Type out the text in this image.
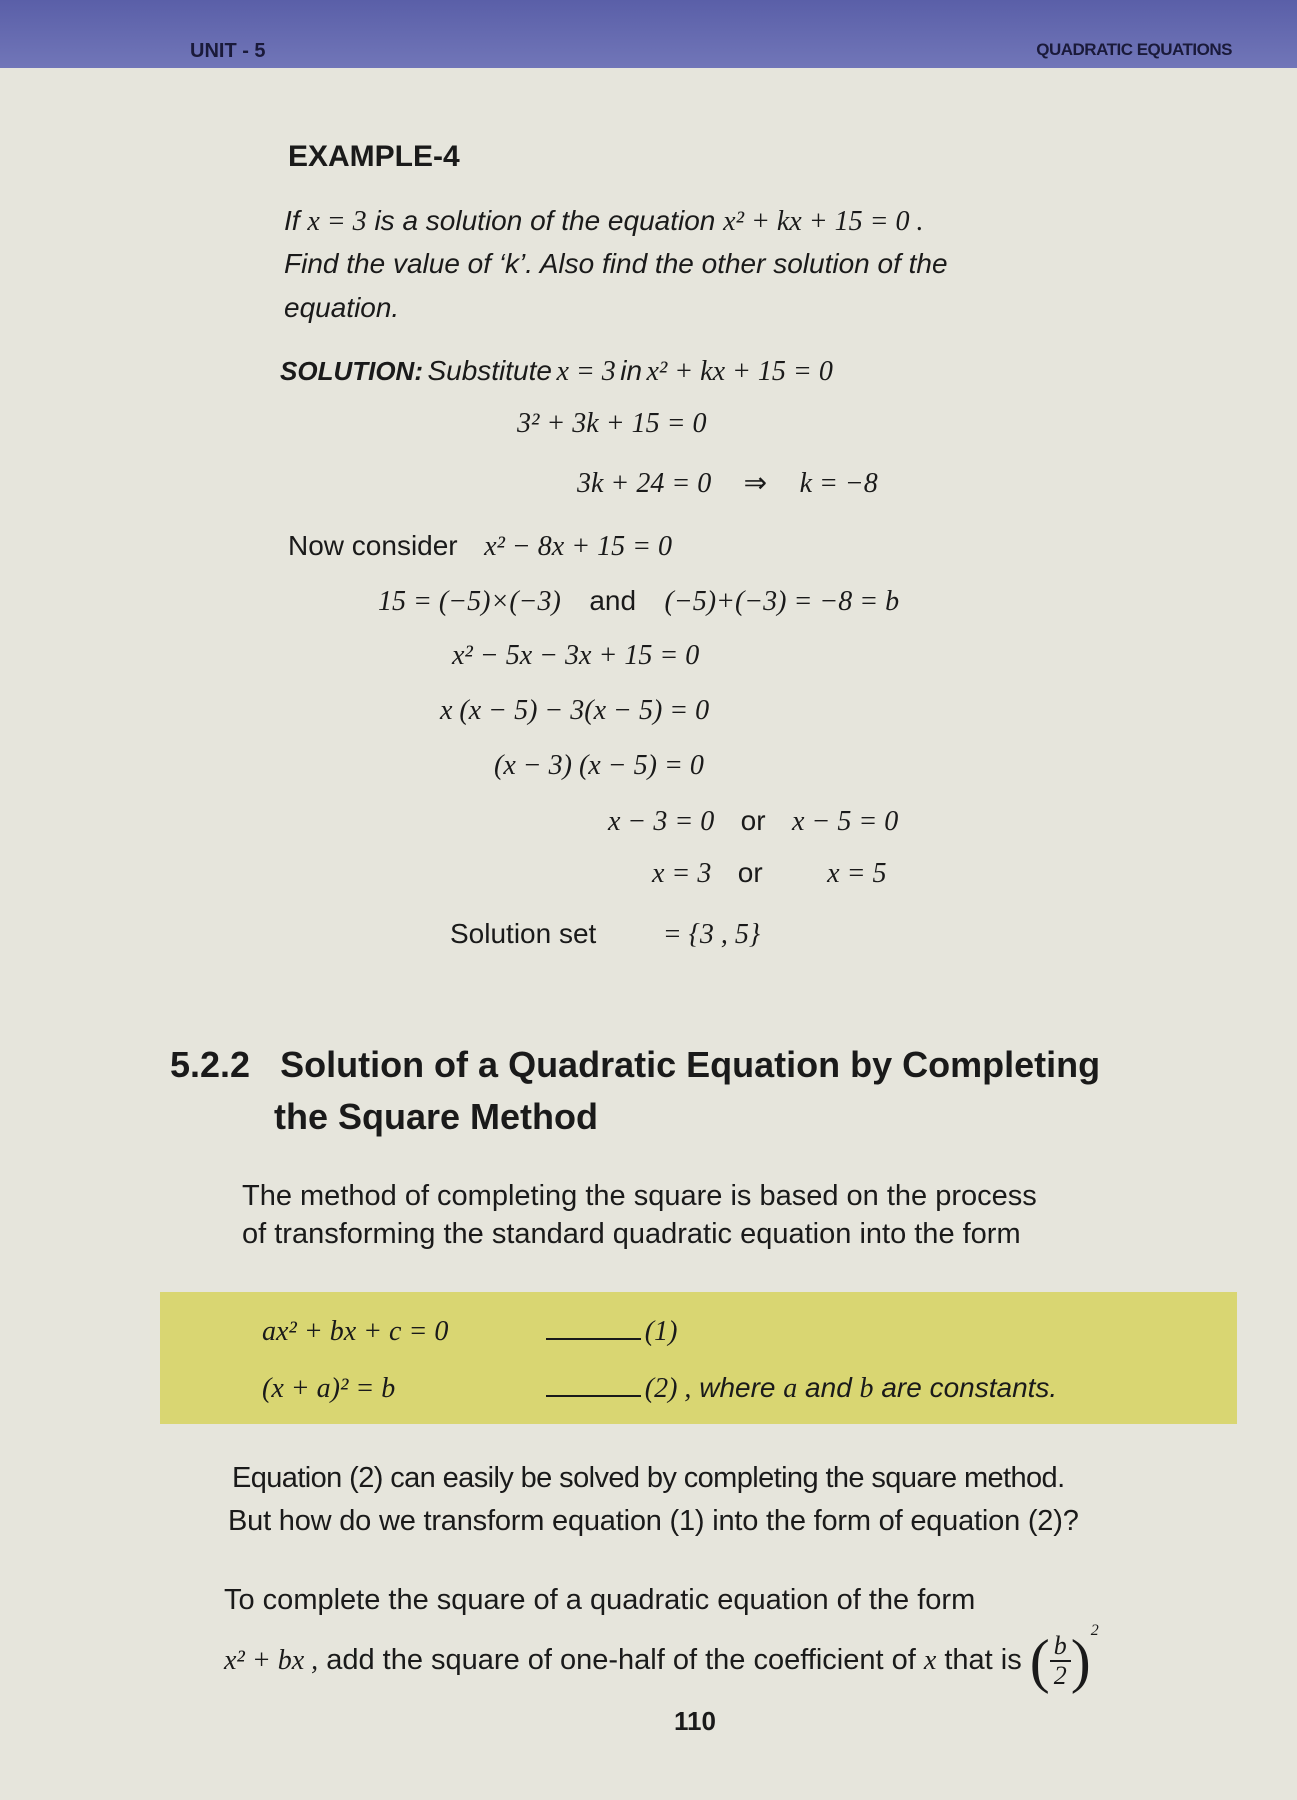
UNIT - 5	QUADRATIC EQUATIONS
EXAMPLE-4
If x = 3 is a solution of the equation x² + kx + 15 = 0 .
Find the value of ‘k’. Also find the other solution of the
equation.
SOLUTION: Substitute x = 3 in x² + kx + 15 = 0
3² + 3k + 15 = 0
3k + 24 = 0 ⇒ k = −8
Now consider x² − 8x + 15 = 0
15 = (−5)×(−3) and (−5)+(−3) = −8 = b
x² − 5x − 3x + 15 = 0
x (x − 5) − 3(x − 5) = 0
(x − 3) (x − 5) = 0
x − 3 = 0 or x − 5 = 0
x = 3 or x = 5
Solution set = {3 , 5}
5.2.2 Solution of a Quadratic Equation by Completing
the Square Method
The method of completing the square is based on the process
of transforming the standard quadratic equation into the form
ax² + bx + c = 0	(1)
(x + a)² = b	(2) , where a and b are constants.
Equation (2) can easily be solved by completing the square method.
But how do we transform equation (1) into the form of equation (2)?
To complete the square of a quadratic equation of the form
x² + bx , add the square of one-half of the coefficient of x that is ( $\frac{b}{2} )^2$
110
